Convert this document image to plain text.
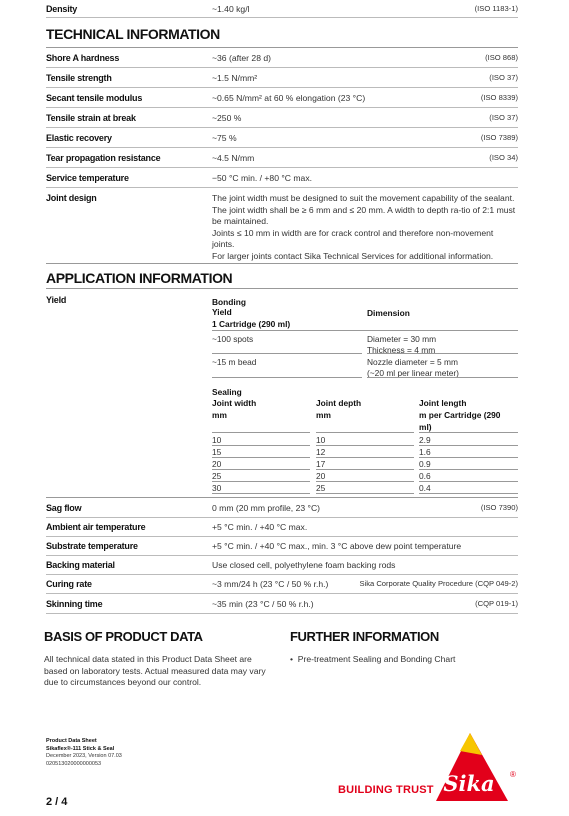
Density	~1.40 kg/l	(ISO 1183-1)
TECHNICAL INFORMATION
Shore A hardness	~36 (after 28 d)	(ISO 868)
Tensile strength	~1.5 N/mm²	(ISO 37)
Secant tensile modulus	~0.65 N/mm² at 60 % elongation (23 °C)	(ISO 8339)
Tensile strain at break	~250 %	(ISO 37)
Elastic recovery	~75 %	(ISO 7389)
Tear propagation resistance	~4.5 N/mm	(ISO 34)
Service temperature	−50 °C min. / +80 °C max.
Joint design	The joint width must be designed to suit the movement capability of the sealant. The joint width shall be ≥ 6 mm and ≤ 20 mm. A width to depth ra-tio of 2:1 must be maintained.

Joints ≤ 10 mm in width are for crack control and therefore non-movement joints.

For larger joints contact Sika Technical Services for additional information.

APPLICATION INFORMATION
Yield	Bonding
Yield
1 Cartridge (290 ml)
Dimension
~100 spots	Diameter = 30 mm
Thickness = 4 mm
~15 m bead	Nozzle diameter = 5 mm
(~20 ml per linear meter)
Sealing
Joint width
mm
Joint depth
mm
Joint length
m per Cartridge (290
ml)
10	10	2.9
15	12	1.6
20	17	0.9
25	20	0.6
30	25	0.4
Sag flow	0 mm (20 mm profile, 23 °C)	(ISO 7390)
Ambient air temperature	+5 °C min. / +40 °C max.
Substrate temperature	+5 °C min. / +40 °C max., min. 3 °C above dew point temperature
Backing material	Use closed cell, polyethylene foam backing rods
Curing rate	~3 mm/24 h (23 °C / 50 % r.h.)	Sika Corporate Quality Procedure (CQP 049-2)
Skinning time	~35 min (23 °C / 50 % r.h.)	(CQP 019-1)
BASIS OF PRODUCT DATA
All technical data stated in this Product Data Sheet are based on laboratory tests. Actual measured data may vary due to circumstances beyond our control.
FURTHER INFORMATION
• Pre-treatment Sealing and Bonding Chart
Product Data Sheet
Sikaflex®-111 Stick & Seal
December 2023, Version 07.03
020513020000000053
2 / 4
BUILDING TRUST Sika ®
